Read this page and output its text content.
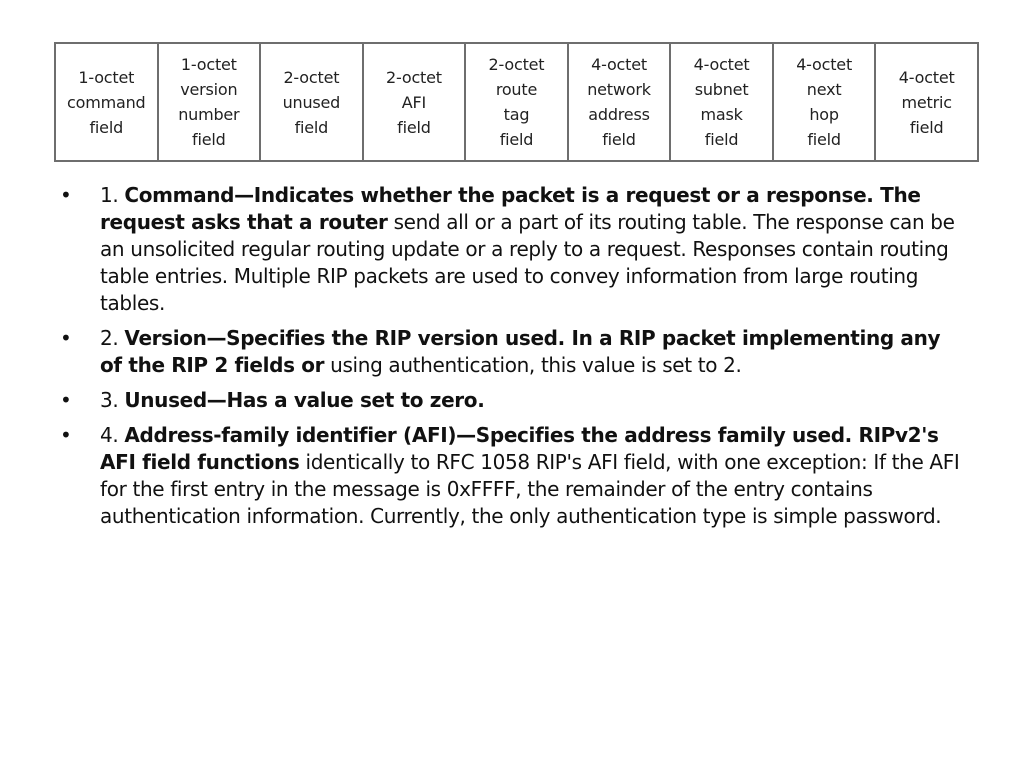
1-octet
command
field

1-octet
version
number
field

2-octet
unused
field

2-octet
AFI
field

2-octet
route
tag
field

4-octet
network
address
field

4-octet
subnet
mask
field

4-octet
next
hop
field

4-octet
metric
field
• 1. Command—Indicates whether the packet is a request or a response. The request asks that a router send all or a part of its routing table. The response can be an unsolicited regular routing update or a reply to a request. Responses contain routing table entries. Multiple RIP packets are used to convey information from large routing tables.
• 2. Version—Specifies the RIP version used. In a RIP packet implementing any of the RIP 2 fields or using authentication, this value is set to 2.
• 3. Unused—Has a value set to zero.
• 4. Address-family identifier (AFI)—Specifies the address family used. RIPv2's AFI field functions identically to RFC 1058 RIP's AFI field, with one exception: If the AFI for the first entry in the message is 0xFFFF, the remainder of the entry contains authentication information. Currently, the only authentication type is simple password.
